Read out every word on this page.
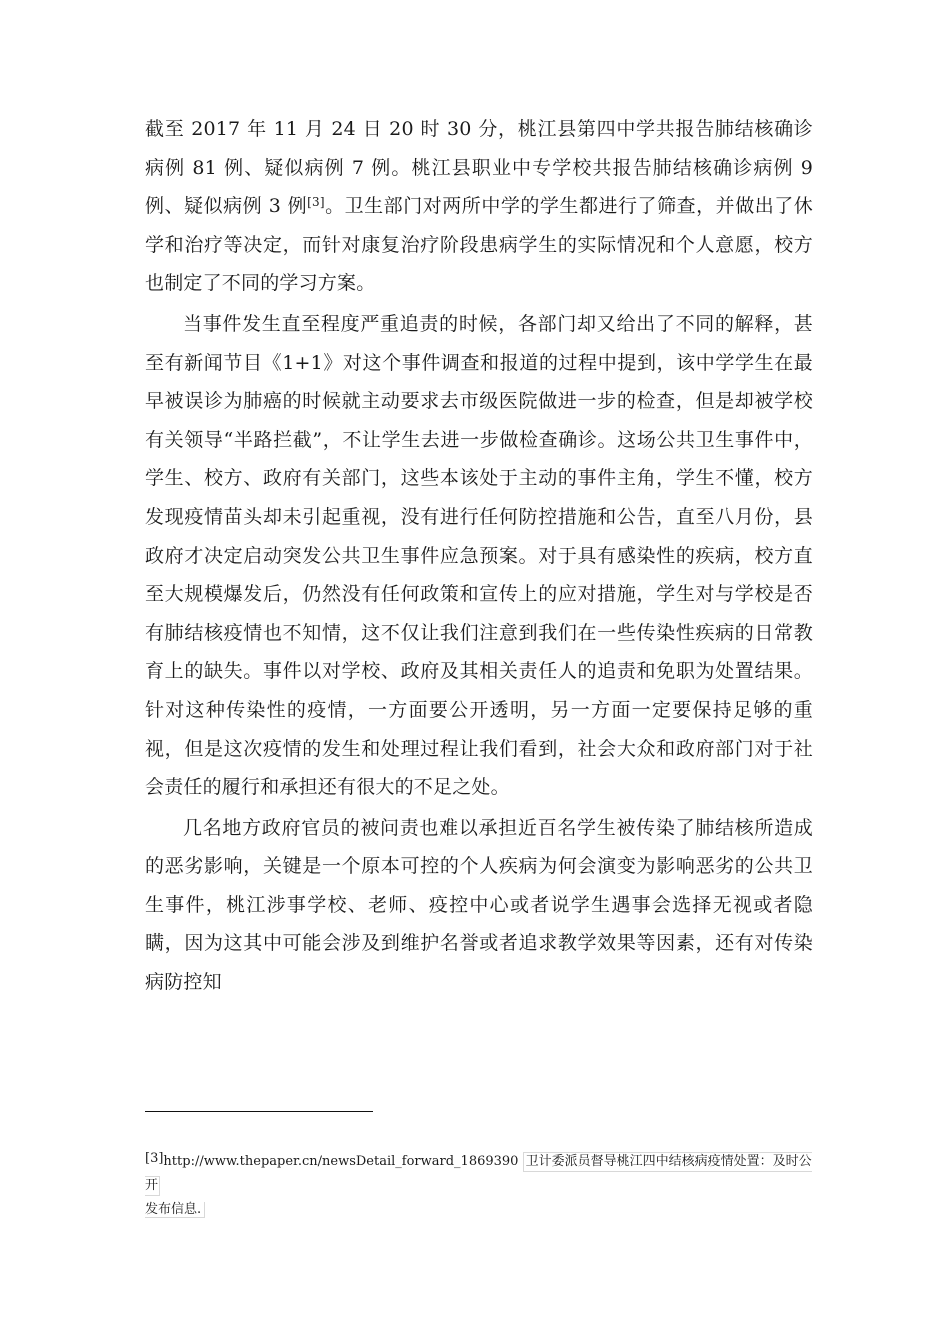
截至 2017 年 11 月 24 日 20 时 30 分，桃江县第四中学共报告肺结核确诊病例 81 例、疑似病例 7 例。桃江县职业中专学校共报告肺结核确诊病例 9 例、疑似病例 3 例[3]。卫生部门对两所中学的学生都进行了筛查，并做出了休学和治疗等决定，而针对康复治疗阶段患病学生的实际情况和个人意愿，校方也制定了不同的学习方案。

当事件发生直至程度严重追责的时候，各部门却又给出了不同的解释，甚至有新闻节目《1+1》对这个事件调查和报道的过程中提到，该中学学生在最早被误诊为肺癌的时候就主动要求去市级医院做进一步的检查，但是却被学校有关领导“半路拦截”，不让学生去进一步做检查确诊。这场公共卫生事件中，学生、校方、政府有关部门，这些本该处于主动的事件主角，学生不懂，校方发现疫情苗头却未引起重视，没有进行任何防控措施和公告，直至八月份，县政府才决定启动突发公共卫生事件应急预案。对于具有感染性的疾病，校方直至大规模爆发后，仍然没有任何政策和宣传上的应对措施，学生对与学校是否有肺结核疫情也不知情，这不仅让我们注意到我们在一些传染性疾病的日常教育上的缺失。事件以对学校、政府及其相关责任人的追责和免职为处置结果。针对这种传染性的疫情，一方面要公开透明，另一方面一定要保持足够的重视，但是这次疫情的发生和处理过程让我们看到，社会大众和政府部门对于社会责任的履行和承担还有很大的不足之处。

几名地方政府官员的被问责也难以承担近百名学生被传染了肺结核所造成的恶劣影响，关键是一个原本可控的个人疾病为何会演变为影响恶劣的公共卫生事件，桃江涉事学校、老师、疫控中心或者说学生遇事会选择无视或者隐瞒，因为这其中可能会涉及到维护名誉或者追求教学效果等因素，还有对传染病防控知

[3]http://www.thepaper.cn/newsDetail_forward_1869390 卫计委派员督导桃江四中结核病疫情处置：及时公开
发布信息.
